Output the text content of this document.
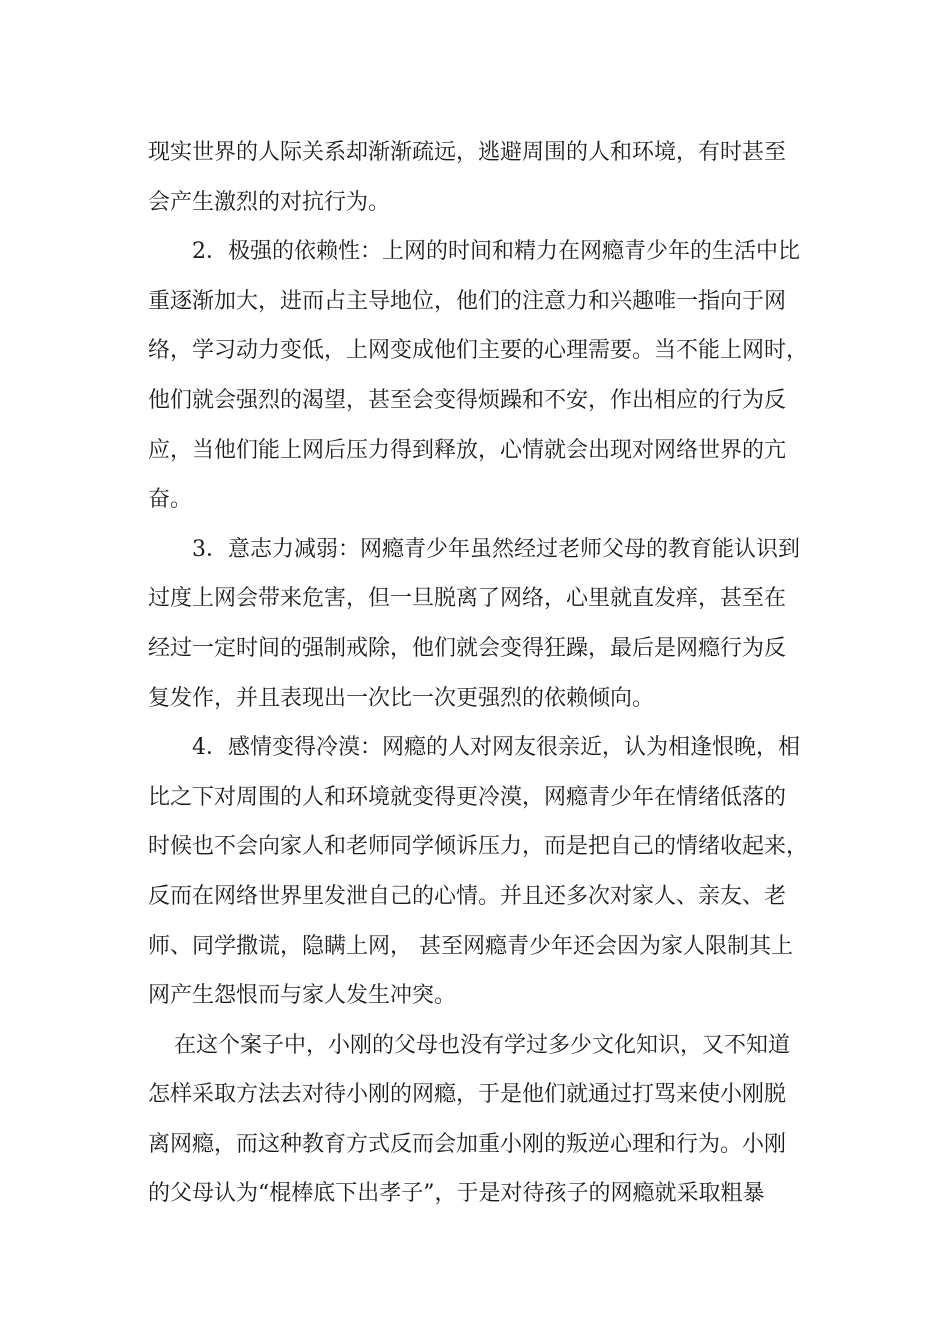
现实世界的人际关系却渐渐疏远，逃避周围的人和环境，有时甚至
会产生激烈的对抗行为。
2．极强的依赖性：上网的时间和精力在网瘾青少年的生活中比
重逐渐加大，进而占主导地位，他们的注意力和兴趣唯一指向于网
络，学习动力变低，上网变成他们主要的心理需要。当不能上网时，
他们就会强烈的渴望，甚至会变得烦躁和不安，作出相应的行为反
应，当他们能上网后压力得到释放，心情就会出现对网络世界的亢
奋。
3．意志力减弱：网瘾青少年虽然经过老师父母的教育能认识到
过度上网会带来危害，但一旦脱离了网络，心里就直发痒，甚至在
经过一定时间的强制戒除，他们就会变得狂躁，最后是网瘾行为反
复发作，并且表现出一次比一次更强烈的依赖倾向。
4．感情变得冷漠：网瘾的人对网友很亲近，认为相逢恨晚，相
比之下对周围的人和环境就变得更冷漠，网瘾青少年在情绪低落的
时候也不会向家人和老师同学倾诉压力，而是把自己的情绪收起来，
反而在网络世界里发泄自己的心情。并且还多次对家人、亲友、老
师、同学撒谎，隐瞒上网， 甚至网瘾青少年还会因为家人限制其上
网产生怨恨而与家人发生冲突。
在这个案子中，小刚的父母也没有学过多少文化知识，又不知道
怎样采取方法去对待小刚的网瘾，于是他们就通过打骂来使小刚脱
离网瘾，而这种教育方式反而会加重小刚的叛逆心理和行为。小刚
的父母认为“棍棒底下出孝子”，于是对待孩子的网瘾就采取粗暴
